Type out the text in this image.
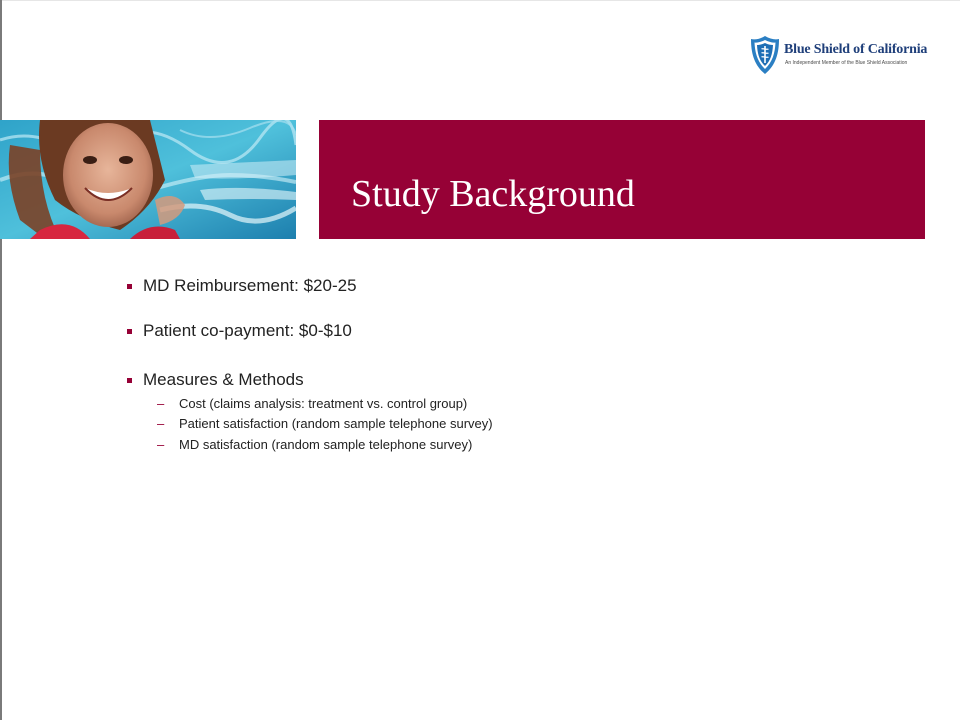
Blue Shield of California
An Independent Member of the Blue Shield Association
Study Background
MD Reimbursement: $20-25
Patient co-payment: $0-$10
Measures & Methods
– Cost (claims analysis: treatment vs. control group)
– Patient satisfaction (random sample telephone survey)
– MD satisfaction (random sample telephone survey)
